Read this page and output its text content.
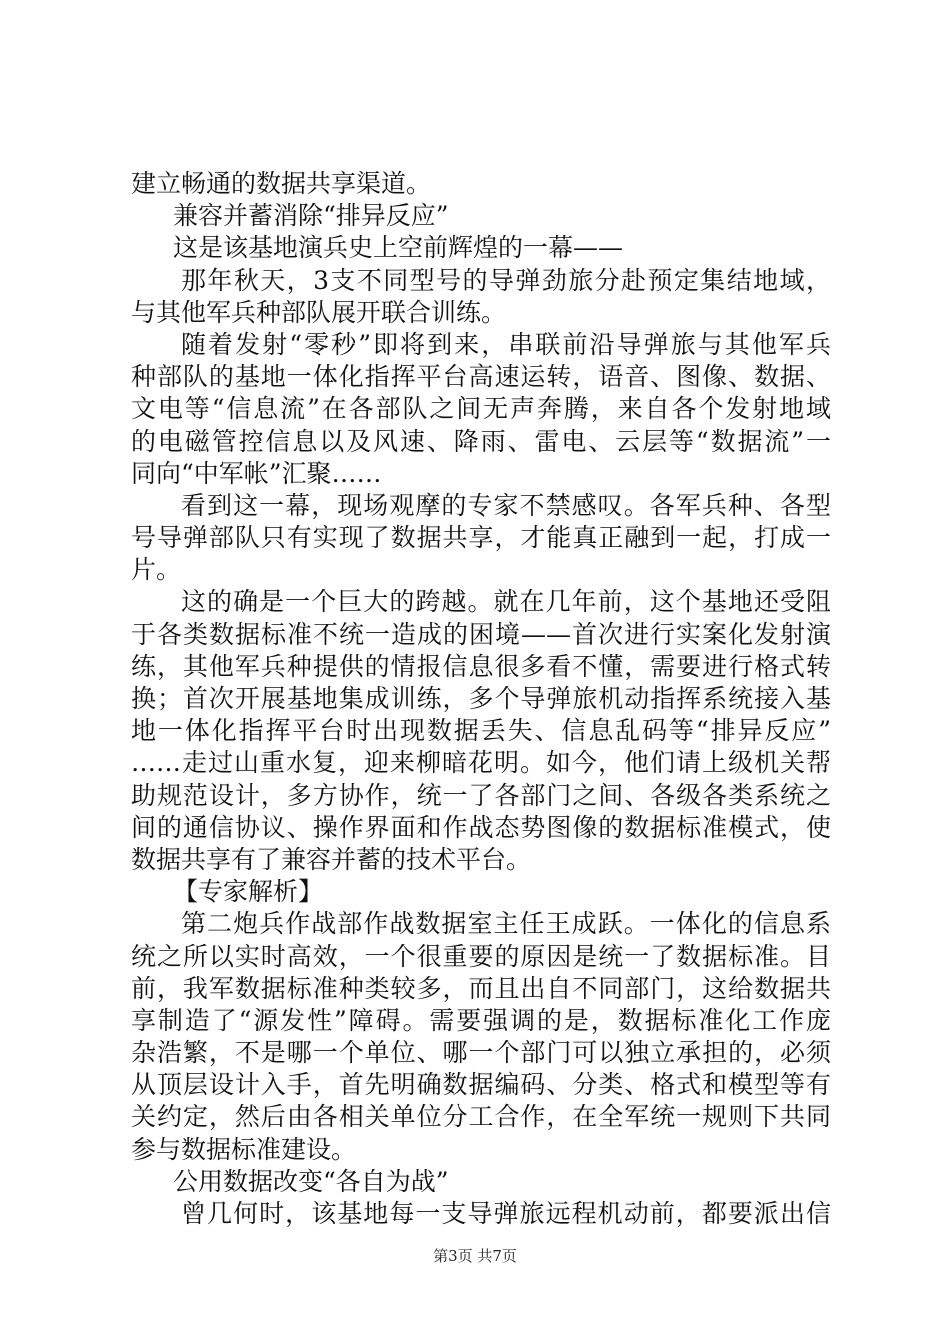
建立畅通的数据共享渠道。
兼容并蓄消除“排异反应”
这是该基地演兵史上空前辉煌的一幕——
那年秋天，3支不同型号的导弹劲旅分赴预定集结地域，
与其他军兵种部队展开联合训练。
随着发射“零秒”即将到来，串联前沿导弹旅与其他军兵
种部队的基地一体化指挥平台高速运转，语音、图像、数据、
文电等“信息流”在各部队之间无声奔腾，来自各个发射地域
的电磁管控信息以及风速、降雨、雷电、云层等“数据流”一
同向“中军帐”汇聚……
看到这一幕，现场观摩的专家不禁感叹。各军兵种、各型
号导弹部队只有实现了数据共享，才能真正融到一起，打成一
片。
这的确是一个巨大的跨越。就在几年前，这个基地还受阻
于各类数据标准不统一造成的困境——首次进行实案化发射演
练，其他军兵种提供的情报信息很多看不懂，需要进行格式转
换；首次开展基地集成训练，多个导弹旅机动指挥系统接入基
地一体化指挥平台时出现数据丢失、信息乱码等“排异反应”
……走过山重水复，迎来柳暗花明。如今，他们请上级机关帮
助规范设计，多方协作，统一了各部门之间、各级各类系统之
间的通信协议、操作界面和作战态势图像的数据标准模式，使
数据共享有了兼容并蓄的技术平台。
【专家解析】
第二炮兵作战部作战数据室主任王成跃。一体化的信息系
统之所以实时高效，一个很重要的原因是统一了数据标准。目
前，我军数据标准种类较多，而且出自不同部门，这给数据共
享制造了“源发性”障碍。需要强调的是，数据标准化工作庞
杂浩繁，不是哪一个单位、哪一个部门可以独立承担的，必须
从顶层设计入手，首先明确数据编码、分类、格式和模型等有
关约定，然后由各相关单位分工合作，在全军统一规则下共同
参与数据标准建设。
公用数据改变“各自为战”
曾几何时，该基地每一支导弹旅远程机动前，都要派出信
第3页 共7页
